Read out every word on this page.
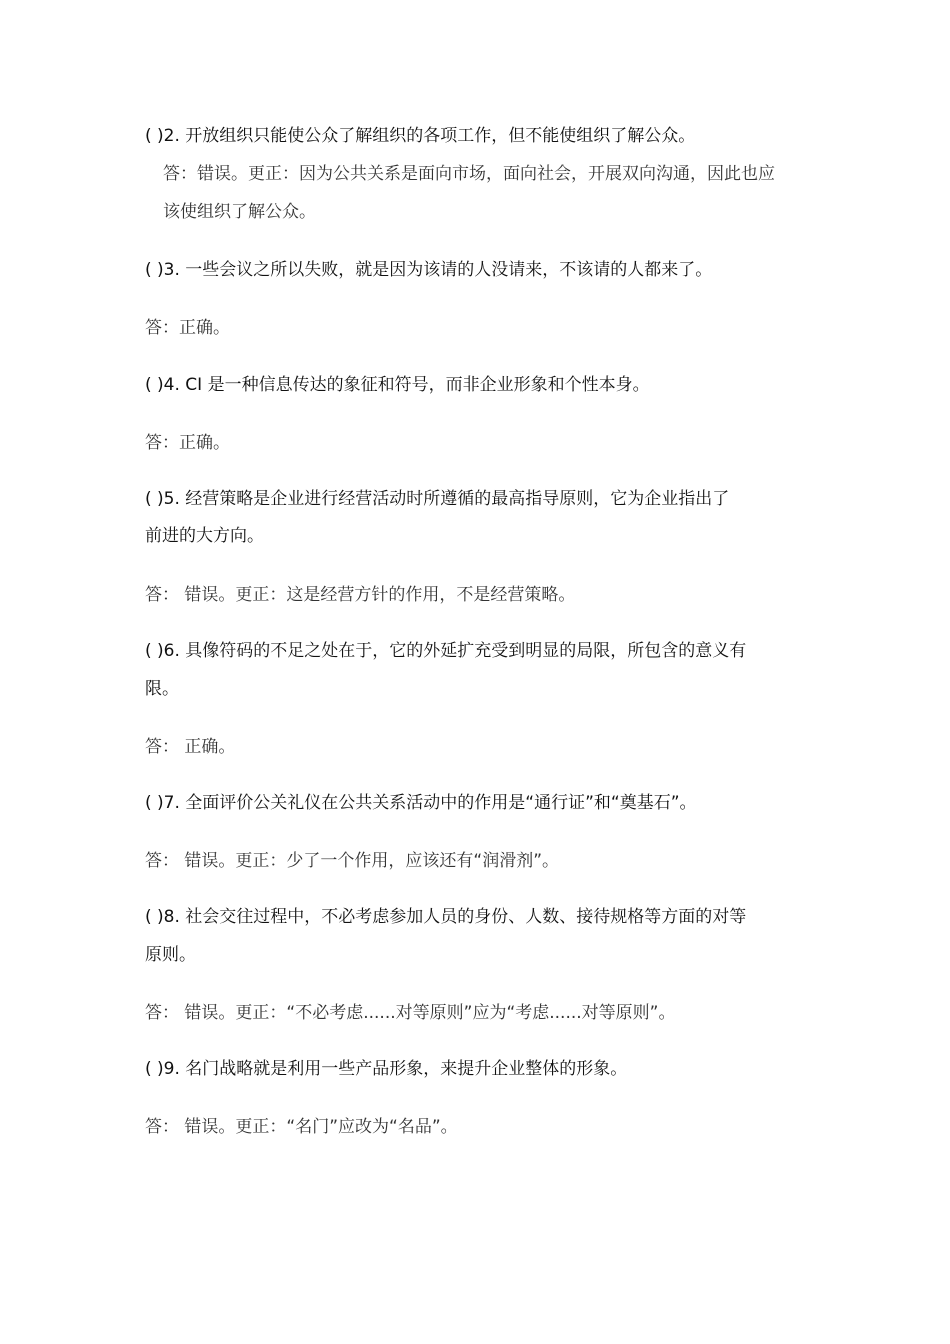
( )2. 开放组织只能使公众了解组织的各项工作，但不能使组织了解公众。
答：错误。更正：因为公共关系是面向市场，面向社会，开展双向沟通，因此也应
该使组织了解公众。
( )3. 一些会议之所以失败，就是因为该请的人没请来，不该请的人都来了。
答：正确。
( )4. CI 是一种信息传达的象征和符号，而非企业形象和个性本身。
答：正确。
( )5. 经营策略是企业进行经营活动时所遵循的最高指导原则，它为企业指出了
前进的大方向。
答： 错误。更正：这是经营方针的作用，不是经营策略。
( )6. 具像符码的不足之处在于，它的外延扩充受到明显的局限，所包含的意义有
限。
答： 正确。
( )7. 全面评价公关礼仪在公共关系活动中的作用是“通行证”和“奠基石”。
答： 错误。更正：少了一个作用，应该还有“润滑剂”。
( )8. 社会交往过程中，不必考虑参加人员的身份、人数、接待规格等方面的对等
原则。
答： 错误。更正：“不必考虑......对等原则”应为“考虑......对等原则”。
( )9. 名门战略就是利用一些产品形象，来提升企业整体的形象。
答： 错误。更正：“名门”应改为“名品”。
